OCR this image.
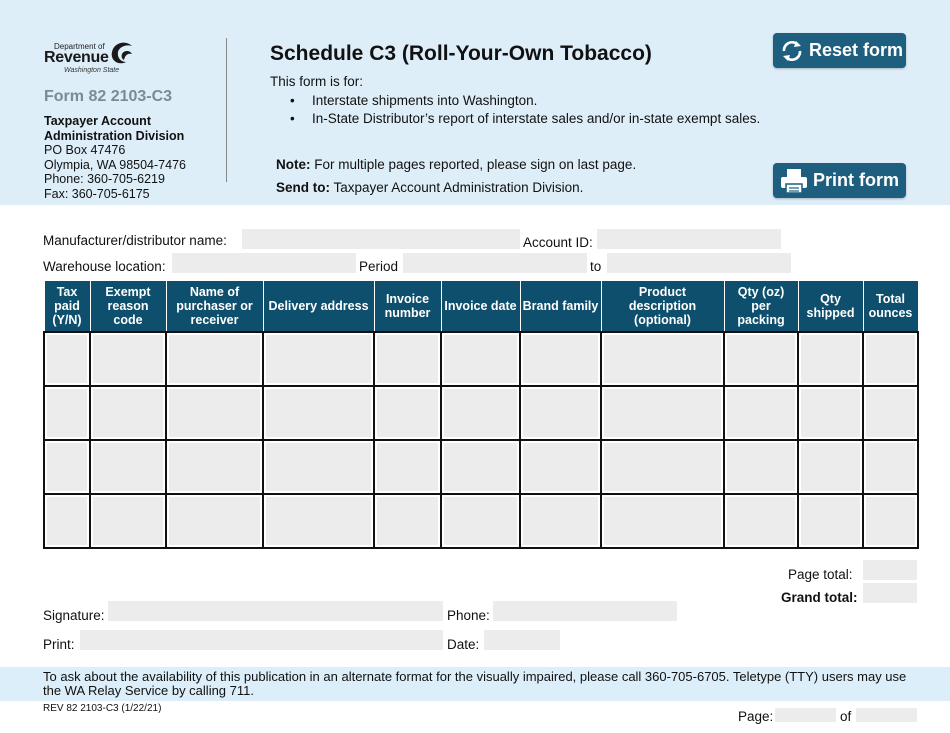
Department of
Revenue
Washington State
Form 82 2103-C3
Taxpayer Account
Administration Division
PO Box 47476
Olympia, WA 98504-7476
Phone: 360-705-6219
Fax: 360-705-6175
Schedule C3 (Roll-Your-Own Tobacco)
This form is for:
• Interstate shipments into Washington.
• In-State Distributor’s report of interstate sales and/or in-state exempt sales.
Note: For multiple pages reported, please sign on last page.
Send to: Taxpayer Account Administration Division.
Reset form
Print form
Manufacturer/distributor name:	Account ID:
Warehouse location:	Period	to
Tax paid (Y/N)	Exempt reason code	Name of purchaser or receiver	Delivery address	Invoice number	Invoice date	Brand family	Product description (optional)	Qty (oz) per packing	Qty shipped	Total ounces

Page total:
Grand total:
Signature:	Phone:
Print:	Date:
To ask about the availability of this publication in an alternate format for the visually impaired, please call 360-705-6705. Teletype (TTY) users may use the WA Relay Service by calling 711.
REV 82 2103-C3 (1/22/21)
Page:	of
